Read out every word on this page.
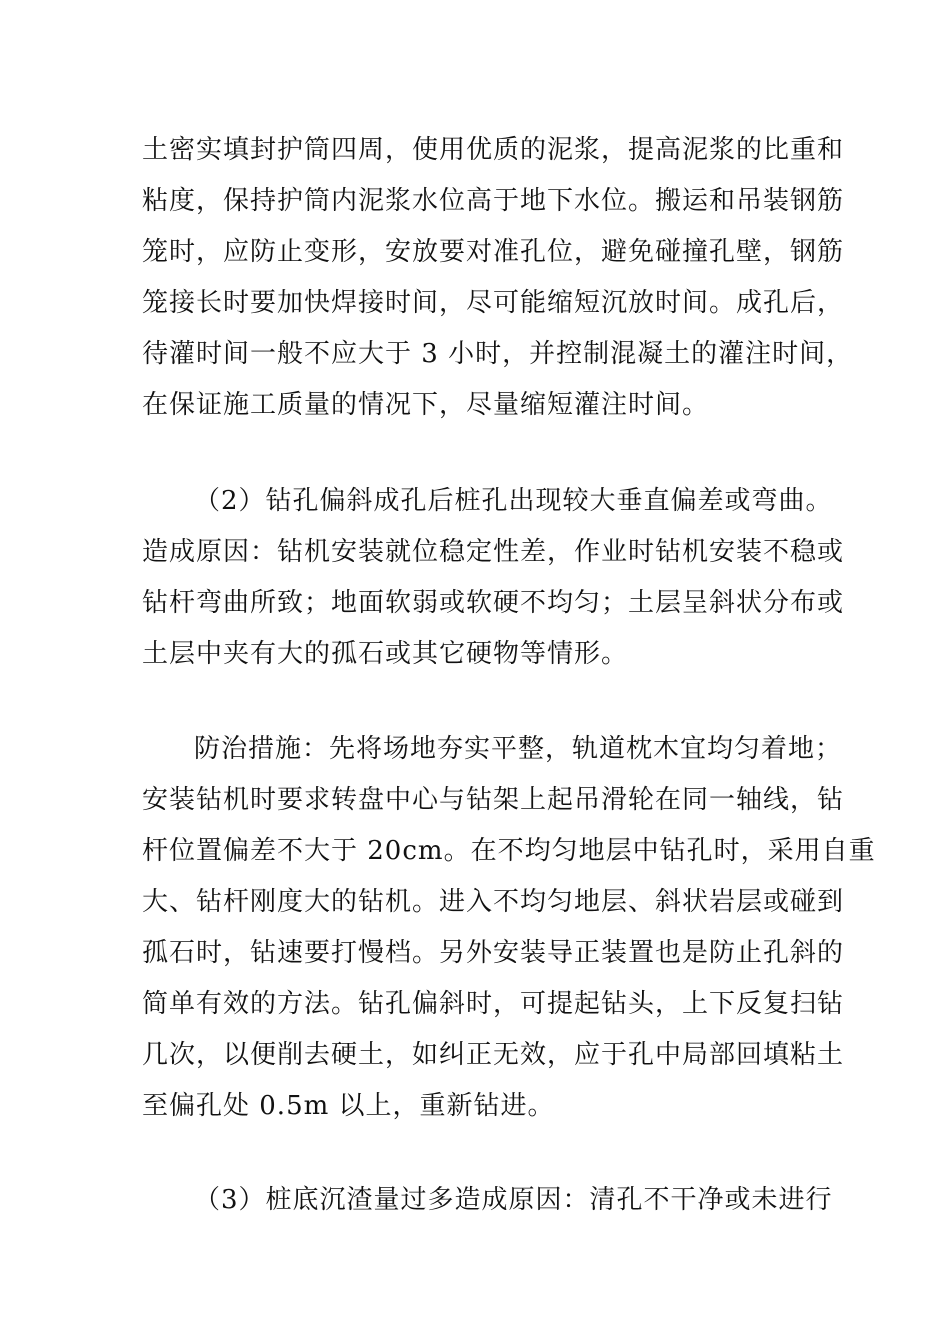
土密实填封护筒四周，使用优质的泥浆，提高泥浆的比重和
粘度，保持护筒内泥浆水位高于地下水位。搬运和吊装钢筋
笼时，应防止变形，安放要对准孔位，避免碰撞孔壁，钢筋
笼接长时要加快焊接时间，尽可能缩短沉放时间。成孔后，
待灌时间一般不应大于 3 小时，并控制混凝土的灌注时间，
在保证施工质量的情况下，尽量缩短灌注时间。

（2）钻孔偏斜成孔后桩孔出现较大垂直偏差或弯曲。
造成原因：钻机安装就位稳定性差，作业时钻机安装不稳或
钻杆弯曲所致；地面软弱或软硬不均匀；土层呈斜状分布或
土层中夹有大的孤石或其它硬物等情形。

防治措施：先将场地夯实平整，轨道枕木宜均匀着地；
安装钻机时要求转盘中心与钻架上起吊滑轮在同一轴线，钻
杆位置偏差不大于 20cm。在不均匀地层中钻孔时，采用自重
大、钻杆刚度大的钻机。进入不均匀地层、斜状岩层或碰到
孤石时，钻速要打慢档。另外安装导正装置也是防止孔斜的
简单有效的方法。钻孔偏斜时，可提起钻头，上下反复扫钻
几次，以便削去硬土，如纠正无效，应于孔中局部回填粘土
至偏孔处 0.5m 以上，重新钻进。

（3）桩底沉渣量过多造成原因：清孔不干净或未进行
